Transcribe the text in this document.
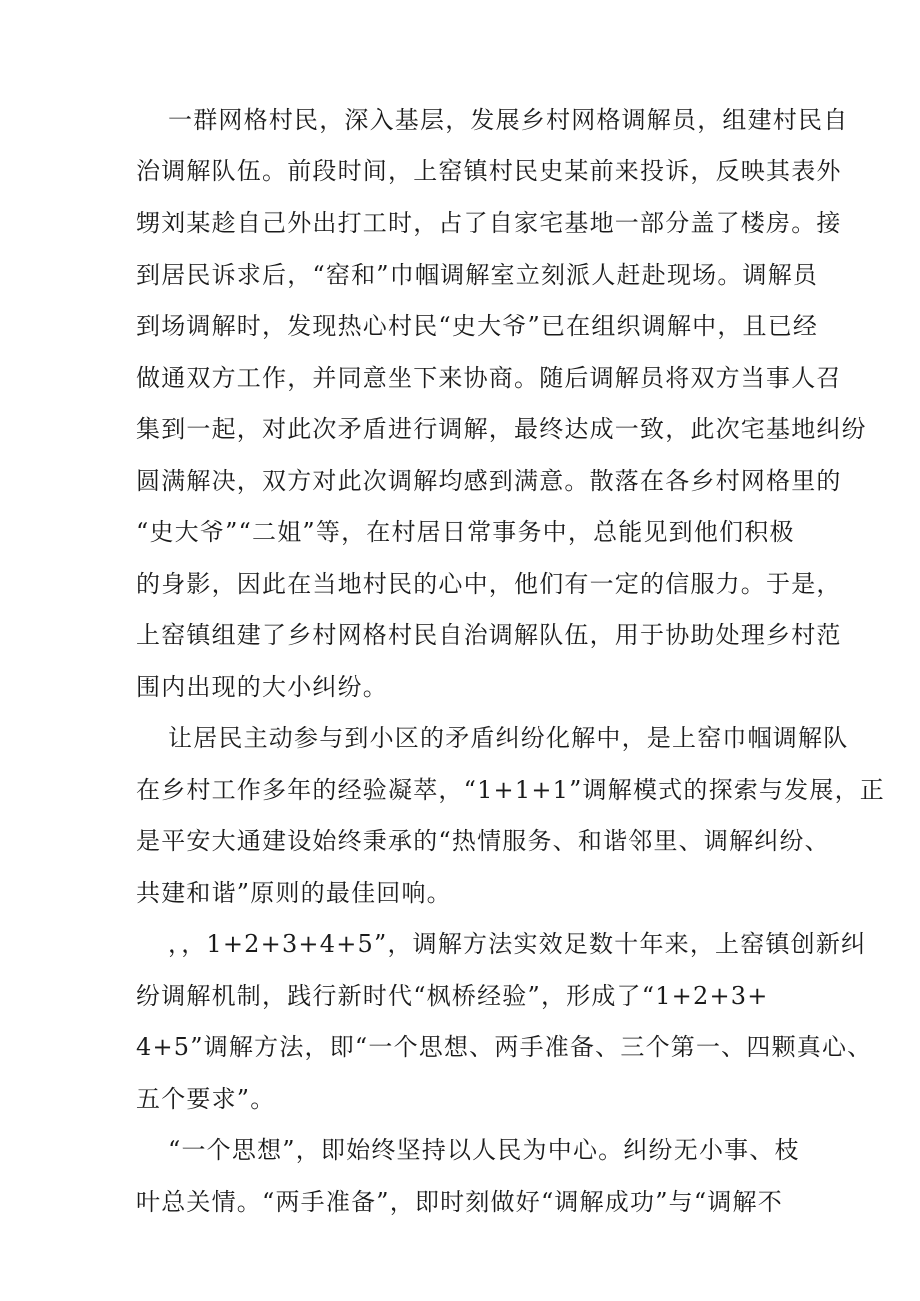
一群网格村民，深入基层，发展乡村网格调解员，组建村民自

治调解队伍。前段时间，上窑镇村民史某前来投诉，反映其表外

甥刘某趁自己外出打工时，占了自家宅基地一部分盖了楼房。接

到居民诉求后，“窑和”巾帼调解室立刻派人赶赴现场。调解员

到场调解时，发现热心村民“史大爷”已在组织调解中，且已经

做通双方工作，并同意坐下来协商。随后调解员将双方当事人召

集到一起，对此次矛盾进行调解，最终达成一致，此次宅基地纠纷

圆满解决，双方对此次调解均感到满意。散落在各乡村网格里的

“史大爷”“二姐”等，在村居日常事务中，总能见到他们积极

的身影，因此在当地村民的心中，他们有一定的信服力。于是，

上窑镇组建了乡村网格村民自治调解队伍，用于协助处理乡村范

围内出现的大小纠纷。

让居民主动参与到小区的矛盾纠纷化解中，是上窑巾帼调解队

在乡村工作多年的经验凝萃，“1+1+1”调解模式的探索与发展，正

是平安大通建设始终秉承的“热情服务、和谐邻里、调解纠纷、

共建和谐”原则的最佳回响。

，，1+2+3+4+5”，调解方法实效足数十年来，上窑镇创新纠

纷调解机制，践行新时代“枫桥经验”，形成了“1+2+3+

4+5”调解方法，即“一个思想、两手准备、三个第一、四颗真心、

五个要求”。

“一个思想”，即始终坚持以人民为中心。纠纷无小事、枝

叶总关情。“两手准备”，即时刻做好“调解成功”与“调解不
